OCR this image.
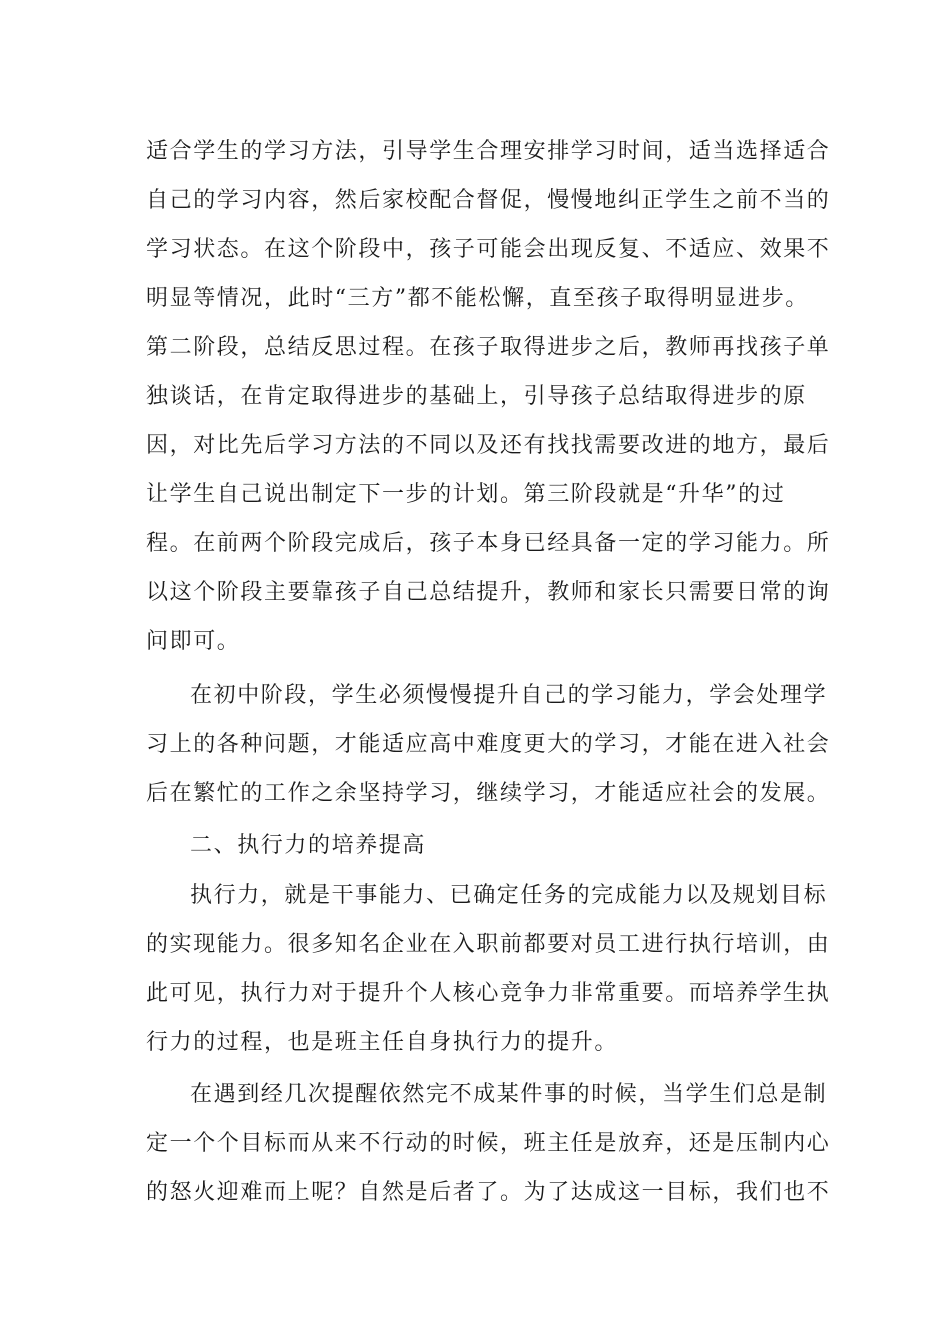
适合学生的学习方法，引导学生合理安排学习时间，适当选择适合
自己的学习内容，然后家校配合督促，慢慢地纠正学生之前不当的
学习状态。在这个阶段中，孩子可能会出现反复、不适应、效果不
明显等情况，此时“三方”都不能松懈，直至孩子取得明显进步。
第二阶段，总结反思过程。在孩子取得进步之后，教师再找孩子单
独谈话，在肯定取得进步的基础上，引导孩子总结取得进步的原
因，对比先后学习方法的不同以及还有找找需要改进的地方，最后
让学生自己说出制定下一步的计划。第三阶段就是“升华”的过
程。在前两个阶段完成后，孩子本身已经具备一定的学习能力。所
以这个阶段主要靠孩子自己总结提升，教师和家长只需要日常的询
问即可。
在初中阶段，学生必须慢慢提升自己的学习能力，学会处理学
习上的各种问题，才能适应高中难度更大的学习，才能在进入社会
后在繁忙的工作之余坚持学习，继续学习，才能适应社会的发展。
二、执行力的培养提高
执行力，就是干事能力、已确定任务的完成能力以及规划目标
的实现能力。很多知名企业在入职前都要对员工进行执行培训，由
此可见，执行力对于提升个人核心竞争力非常重要。而培养学生执
行力的过程，也是班主任自身执行力的提升。
在遇到经几次提醒依然完不成某件事的时候，当学生们总是制
定一个个目标而从来不行动的时候，班主任是放弃，还是压制内心
的怒火迎难而上呢？自然是后者了。为了达成这一目标，我们也不
